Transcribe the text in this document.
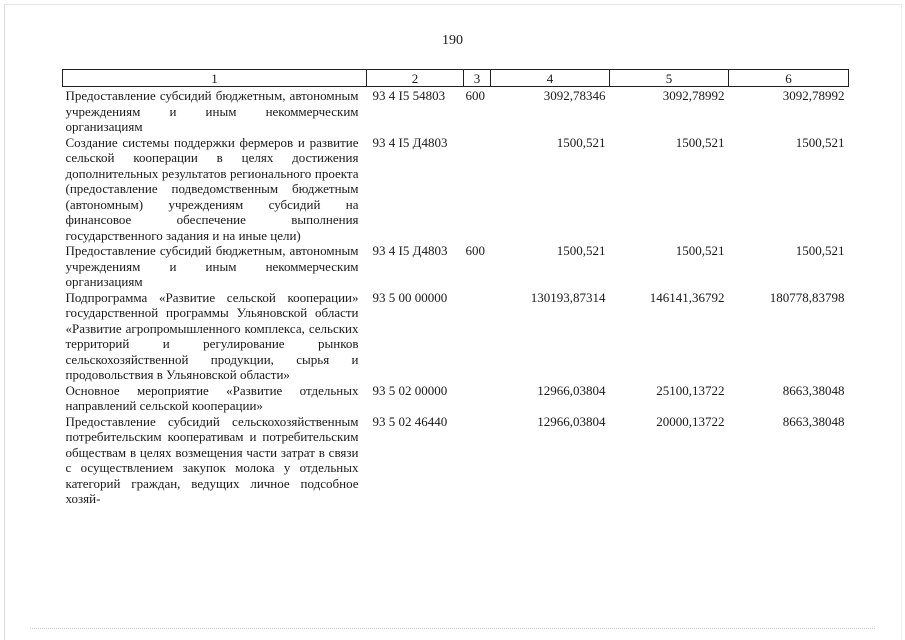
190
1	2	3	4	5	6
Предоставление субсидий бюджетным, автономным учреждениям и иным некоммерческим организациям	93 4 I5 54803	600	3092,78346	3092,78992	3092,78992
Создание системы поддержки фермеров и развитие сельской кооперации в целях достижения дополнительных результатов регионального проекта (предоставление подведомственным бюджетным (автономным) учреждениям субсидий на финансовое обеспечение выполнения государственного задания и на иные цели)	93 4 I5 Д4803		1500,521	1500,521	1500,521
Предоставление субсидий бюджетным, автономным учреждениям и иным некоммерческим организациям	93 4 I5 Д4803	600	1500,521	1500,521	1500,521
Подпрограмма «Развитие сельской кооперации» государственной программы Ульяновской области «Развитие агропромышленного комплекса, сельских территорий и регулирование рынков сельскохозяйственной продукции, сырья и продовольствия в Ульяновской области»	93 5 00 00000		130193,87314	146141,36792	180778,83798
Основное мероприятие «Развитие отдельных направлений сельской кооперации»	93 5 02 00000		12966,03804	25100,13722	8663,38048
Предоставление субсидий сельскохозяйственным потребительским кооперативам и потребительским обществам в целях возмещения части затрат в связи с осуществлением закупок молока у отдельных категорий граждан, ведущих личное подсобное хозяй-	93 5 02 46440		12966,03804	20000,13722	8663,38048
